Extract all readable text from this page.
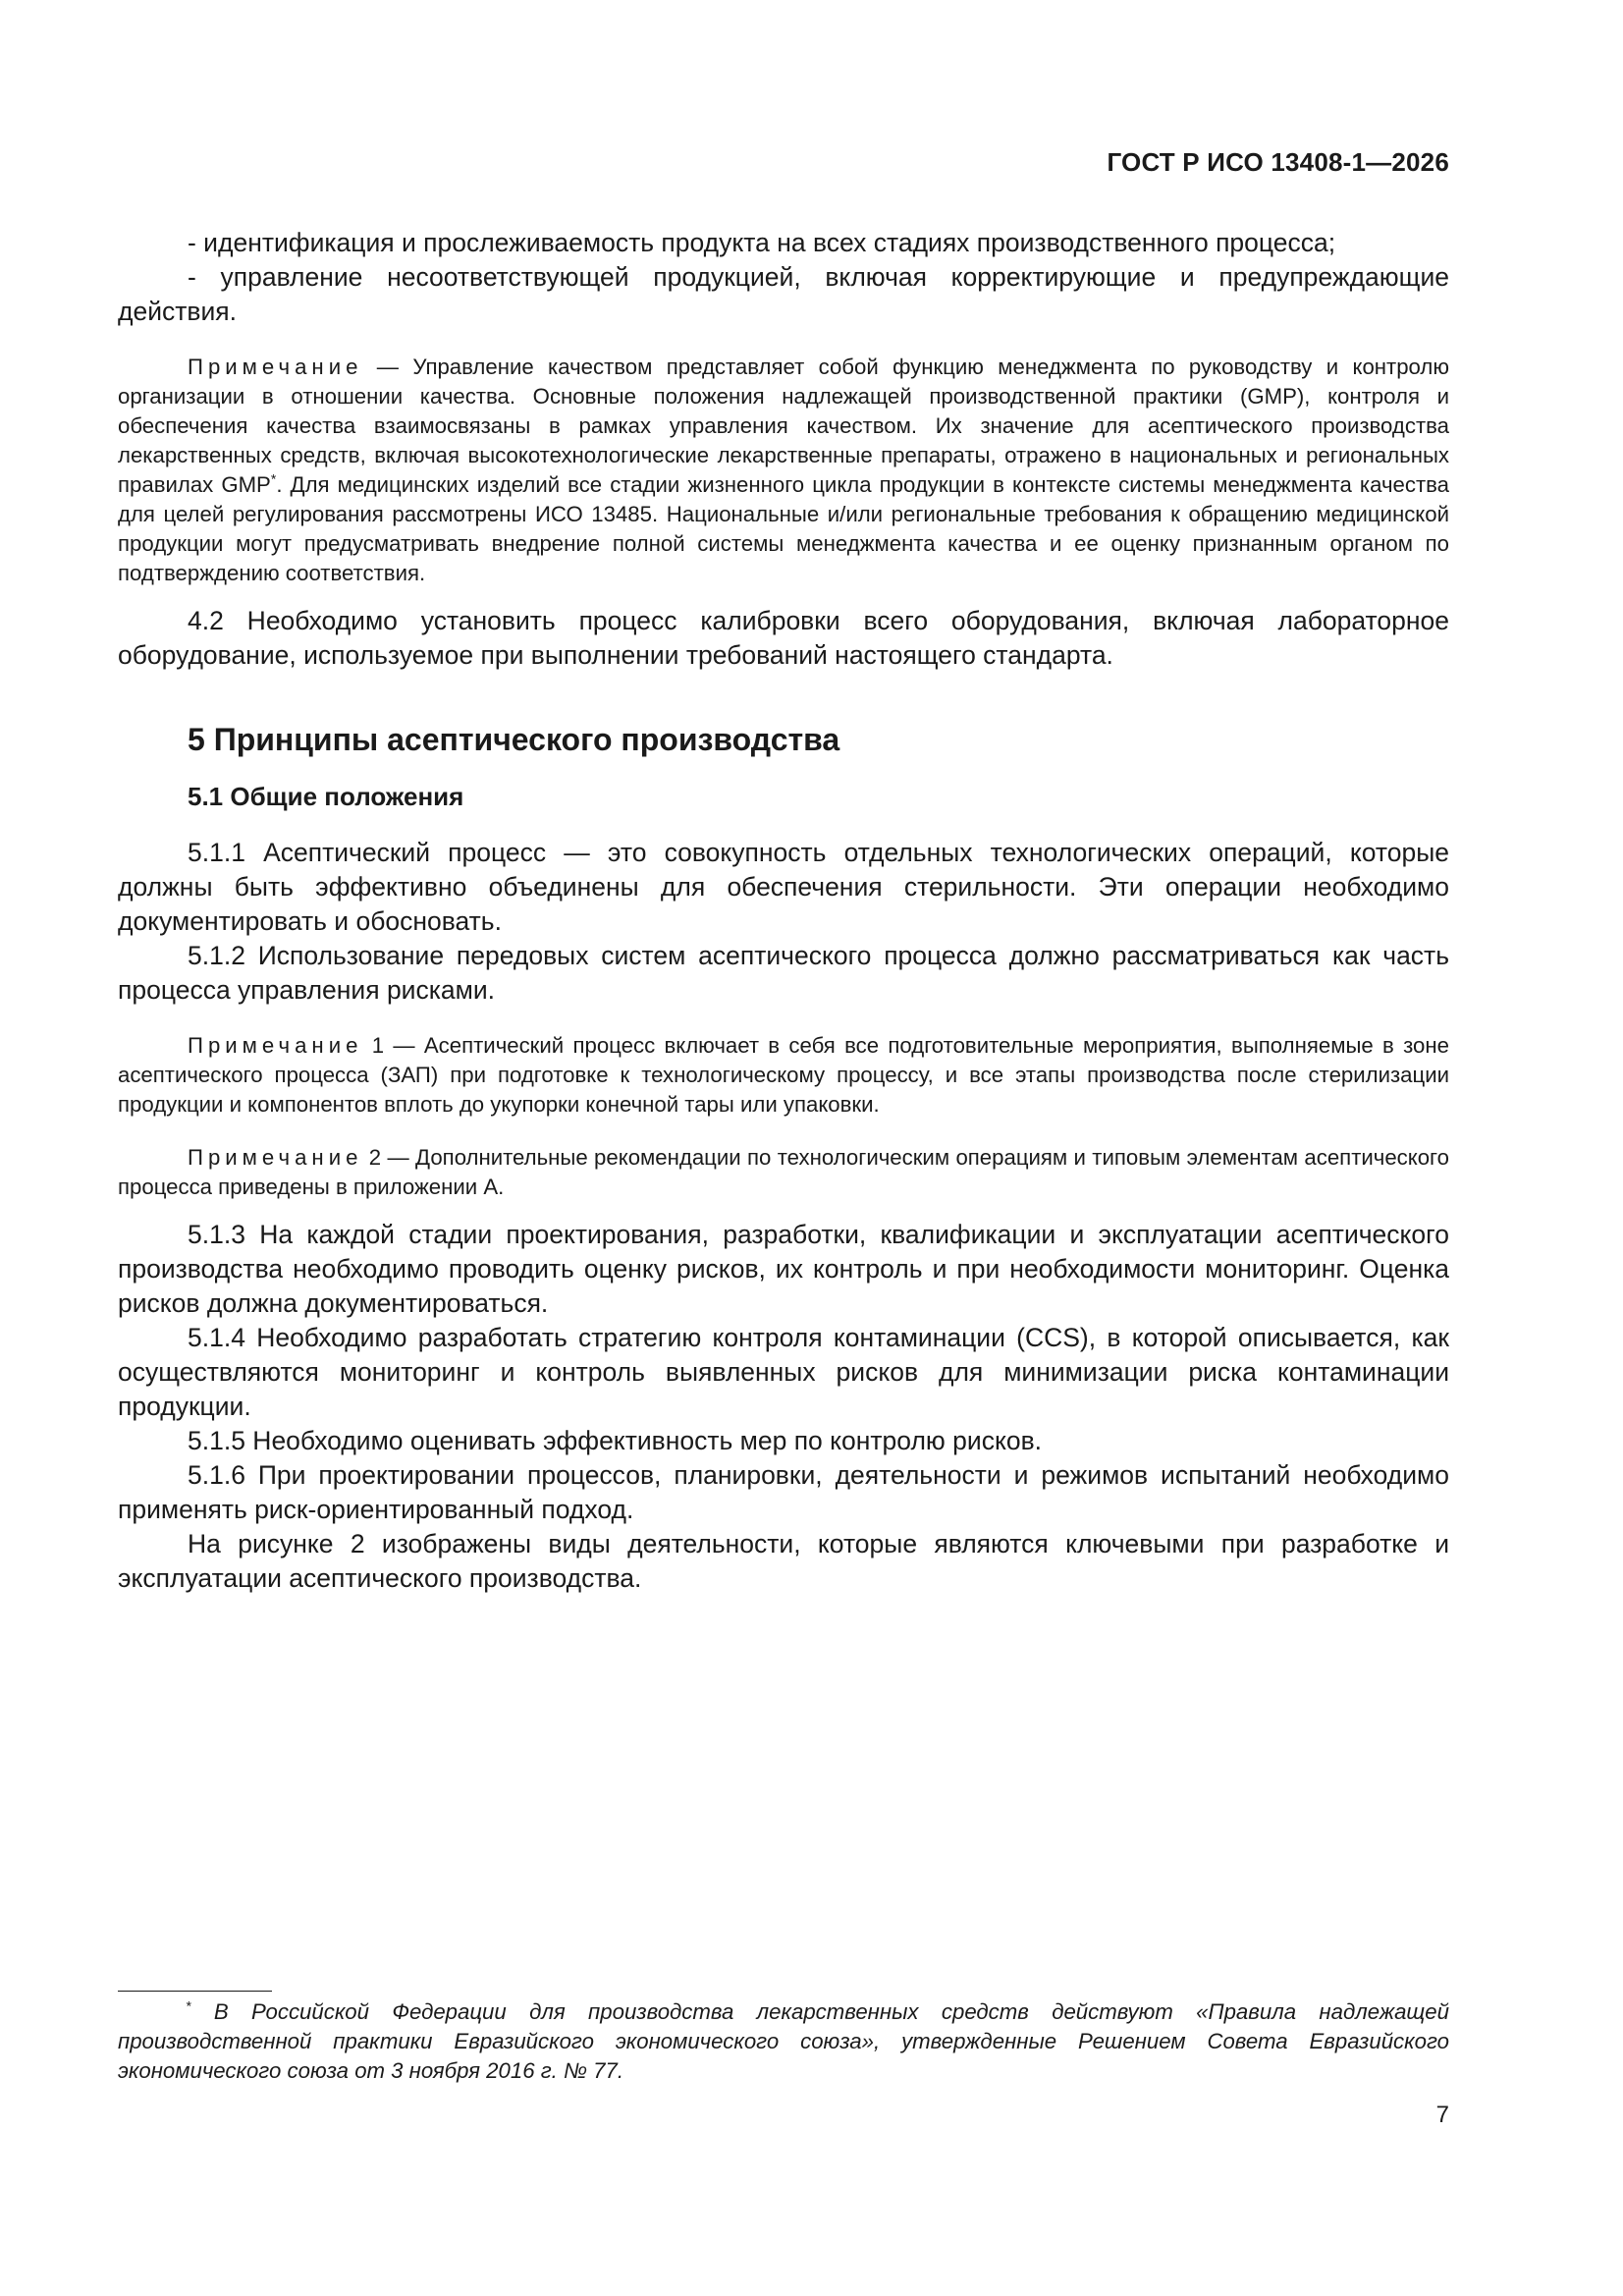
ГОСТ Р ИСО 13408-1—2026

- идентификация и прослеживаемость продукта на всех стадиях производственного процесса;

- управление несоответствующей продукцией, включая корректирующие и предупреждающие действия.

Примечание — Управление качеством представляет собой функцию менеджмента по руководству и контролю организации в отношении качества. Основные положения надлежащей производственной практики (GMP), контроля и обеспечения качества взаимосвязаны в рамках управления качеством. Их значение для асептического производства лекарственных средств, включая высокотехнологические лекарственные препараты, отражено в национальных и региональных правилах GMP*. Для медицинских изделий все стадии жизненного цикла продукции в контексте системы менеджмента качества для целей регулирования рассмотрены ИСО 13485. Национальные и/или региональные требования к обращению медицинской продукции могут предусматривать внедрение полной системы менеджмента качества и ее оценку признанным органом по подтверждению соответствия.

4.2 Необходимо установить процесс калибровки всего оборудования, включая лабораторное оборудование, используемое при выполнении требований настоящего стандарта.

5 Принципы асептического производства
5.1 Общие положения

5.1.1 Асептический процесс — это совокупность отдельных технологических операций, которые должны быть эффективно объединены для обеспечения стерильности. Эти операции необходимо документировать и обосновать.

5.1.2 Использование передовых систем асептического процесса должно рассматриваться как часть процесса управления рисками.

Примечание 1 — Асептический процесс включает в себя все подготовительные мероприятия, выполняемые в зоне асептического процесса (ЗАП) при подготовке к технологическому процессу, и все этапы производства после стерилизации продукции и компонентов вплоть до укупорки конечной тары или упаковки.

Примечание 2 — Дополнительные рекомендации по технологическим операциям и типовым элементам асептического процесса приведены в приложении А.

5.1.3 На каждой стадии проектирования, разработки, квалификации и эксплуатации асептического производства необходимо проводить оценку рисков, их контроль и при необходимости мониторинг. Оценка рисков должна документироваться.

5.1.4 Необходимо разработать стратегию контроля контаминации (CCS), в которой описывается, как осуществляются мониторинг и контроль выявленных рисков для минимизации риска контаминации продукции.

5.1.5 Необходимо оценивать эффективность мер по контролю рисков.

5.1.6 При проектировании процессов, планировки, деятельности и режимов испытаний необходимо применять риск-ориентированный подход.

На рисунке 2 изображены виды деятельности, которые являются ключевыми при разработке и эксплуатации асептического производства.

* В Российской Федерации для производства лекарственных средств действуют «Правила надлежащей производственной практики Евразийского экономического союза», утвержденные Решением Совета Евразийского экономического союза от 3 ноября 2016 г. № 77.

7
